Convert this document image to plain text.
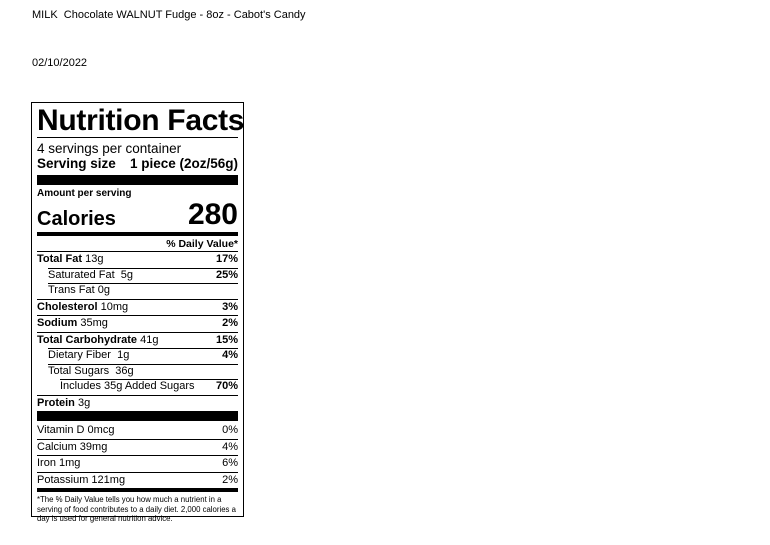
MILK  Chocolate WALNUT Fudge - 8oz - Cabot's Candy
02/10/2022
Nutrition Facts
4 servings per container
Serving size 1 piece (2oz/56g)
Amount per serving
Calories 280
% Daily Value*
Total Fat 13g	17%
Saturated Fat 5g	25%
Trans Fat 0g
Cholesterol 10mg	3%
Sodium 35mg	2%
Total Carbohydrate 41g	15%
Dietary Fiber 1g	4%
Total Sugars 36g
Includes 35g Added Sugars 70%
Protein 3g
Vitamin D 0mcg	0%
Calcium 39mg	4%
Iron 1mg	6%
Potassium 121mg	2%
*The % Daily Value tells you how much a nutrient in a serving of food contributes to a daily diet. 2,000 calories a day is used for general nutrition advice.
